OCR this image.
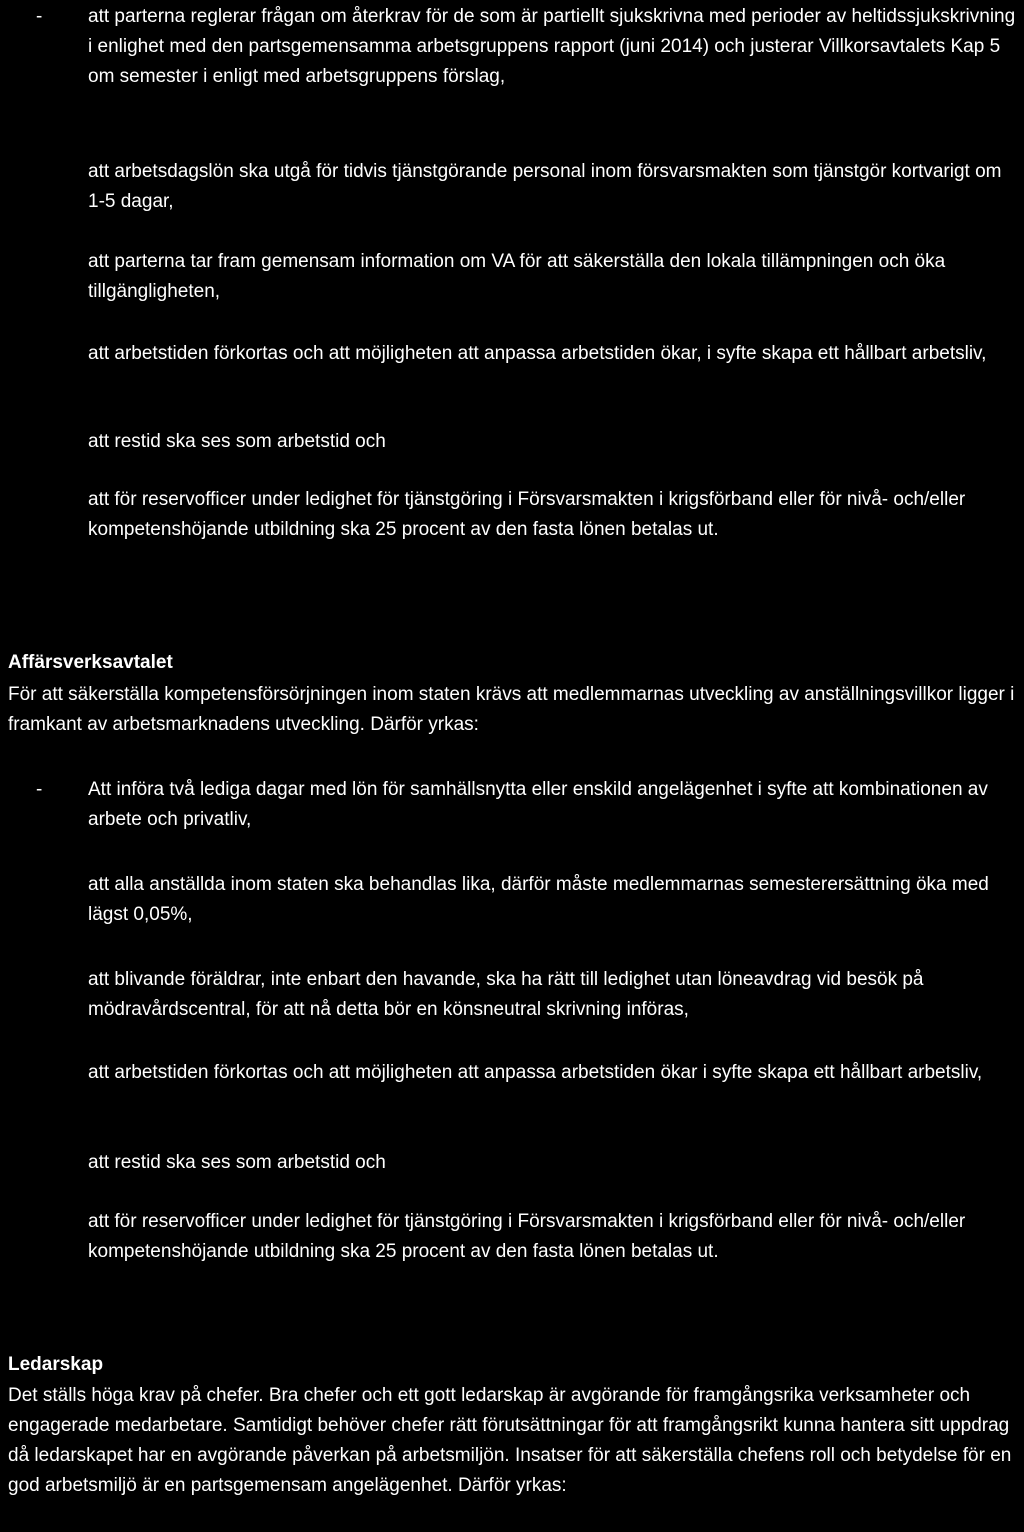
- att parterna reglerar frågan om återkrav för de som är partiellt sjukskrivna med perioder av heltidssjukskrivning i enlighet med den partsgemensamma arbetsgruppens rapport (juni 2014) och justerar Villkorsavtalets Kap 5 om semester i enligt med arbetsgruppens förslag,

att arbetsdagslön ska utgå för tidvis tjänstgörande personal inom försvarsmakten som tjänstgör kortvarigt om 1-5 dagar,

att parterna tar fram gemensam information om VA för att säkerställa den lokala tillämpningen och öka tillgängligheten,

att arbetstiden förkortas och att möjligheten att anpassa arbetstiden ökar, i syfte skapa ett hållbart arbetsliv,

att restid ska ses som arbetstid och

att för reservofficer under ledighet för tjänstgöring i Försvarsmakten i krigsförband eller för nivå- och/eller kompetenshöjande utbildning ska 25 procent av den fasta lönen betalas ut.

Affärsverksavtalet

För att säkerställa kompetensförsörjningen inom staten krävs att medlemmarnas utveckling av anställningsvillkor ligger i framkant av arbetsmarknadens utveckling. Därför yrkas:

- Att införa två lediga dagar med lön för samhällsnytta eller enskild angelägenhet i syfte att kombinationen av arbete och privatliv,

att alla anställda inom staten ska behandlas lika, därför måste medlemmarnas semesterersättning öka med lägst 0,05%,

att blivande föräldrar, inte enbart den havande, ska ha rätt till ledighet utan löneavdrag vid besök på mödravårdscentral, för att nå detta bör en könsneutral skrivning införas,

att arbetstiden förkortas och att möjligheten att anpassa arbetstiden ökar i syfte skapa ett hållbart arbetsliv,

att restid ska ses som arbetstid och

att för reservofficer under ledighet för tjänstgöring i Försvarsmakten i krigsförband eller för nivå- och/eller kompetenshöjande utbildning ska 25 procent av den fasta lönen betalas ut.

Ledarskap

Det ställs höga krav på chefer. Bra chefer och ett gott ledarskap är avgörande för framgångsrika verksamheter och engagerade medarbetare. Samtidigt behöver chefer rätt förutsättningar för att framgångsrikt kunna hantera sitt uppdrag då ledarskapet har en avgörande påverkan på arbetsmiljön. Insatser för att säkerställa chefens roll och betydelse för en god arbetsmiljö är en partsgemensam angelägenhet. Därför yrkas:
